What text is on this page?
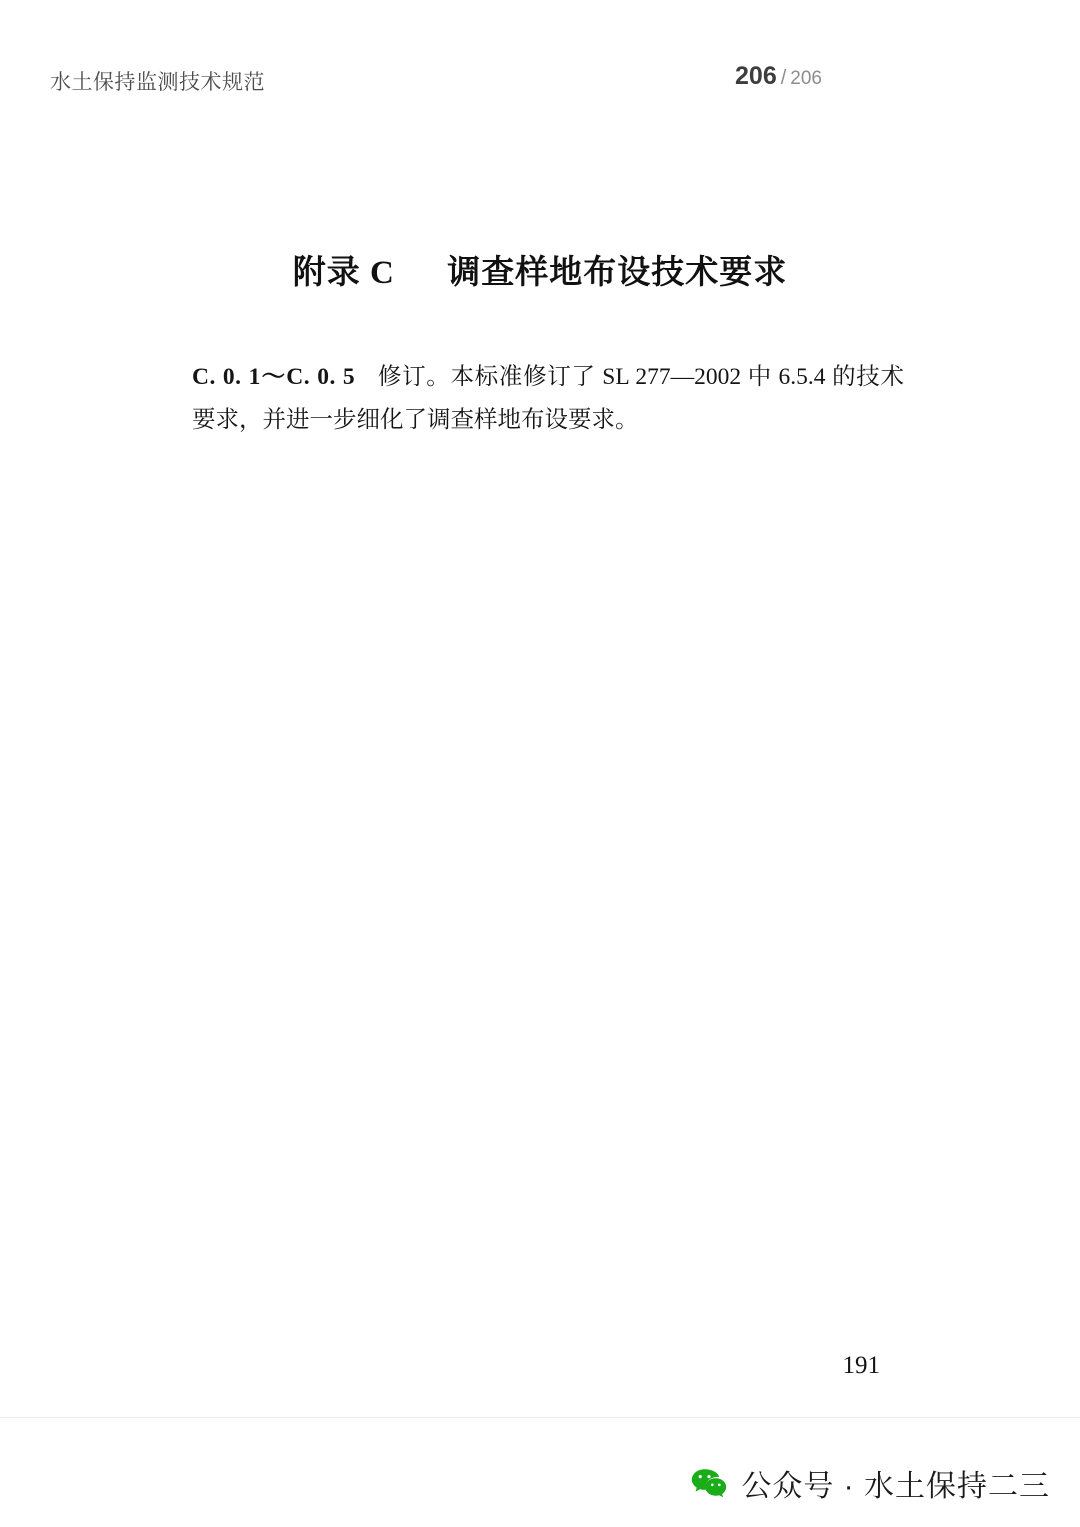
水土保持监测技术规范	206 / 206
附录 C 调查样地布设技术要求
C. 0. 1～C. 0. 5 修订。本标准修订了 SL 277—2002 中 6.5.4 的技术要求，并进一步细化了调查样地布设要求。
191
公众号 · 水土保持二三
